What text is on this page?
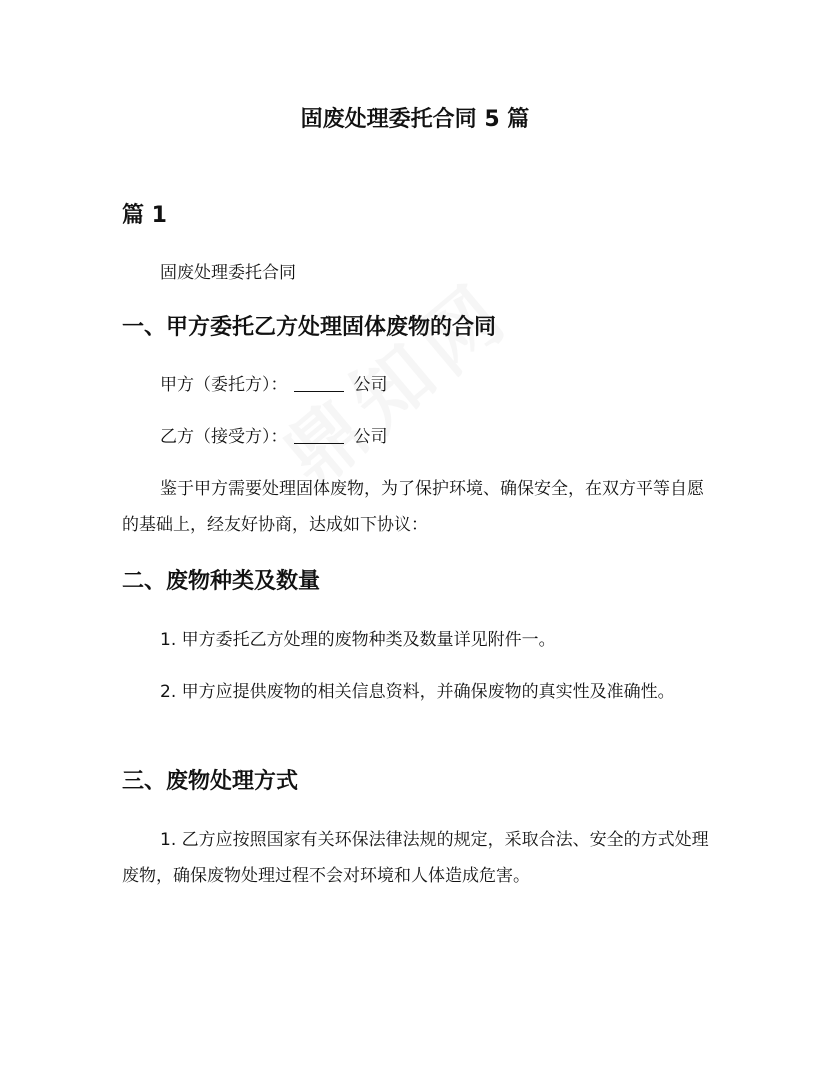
固废处理委托合同 5 篇
篇 1
固废处理委托合同
一、甲方委托乙方处理固体废物的合同
甲方（委托方）：	公司
乙方（接受方）：	公司
鉴于甲方需要处理固体废物，为了保护环境、确保安全，在双方平等自愿的基础上，经友好协商，达成如下协议：
二、废物种类及数量
1. 甲方委托乙方处理的废物种类及数量详见附件一。
2. 甲方应提供废物的相关信息资料，并确保废物的真实性及准确性。
三、废物处理方式
1. 乙方应按照国家有关环保法律法规的规定，采取合法、安全的方式处理废物，确保废物处理过程不会对环境和人体造成危害。
